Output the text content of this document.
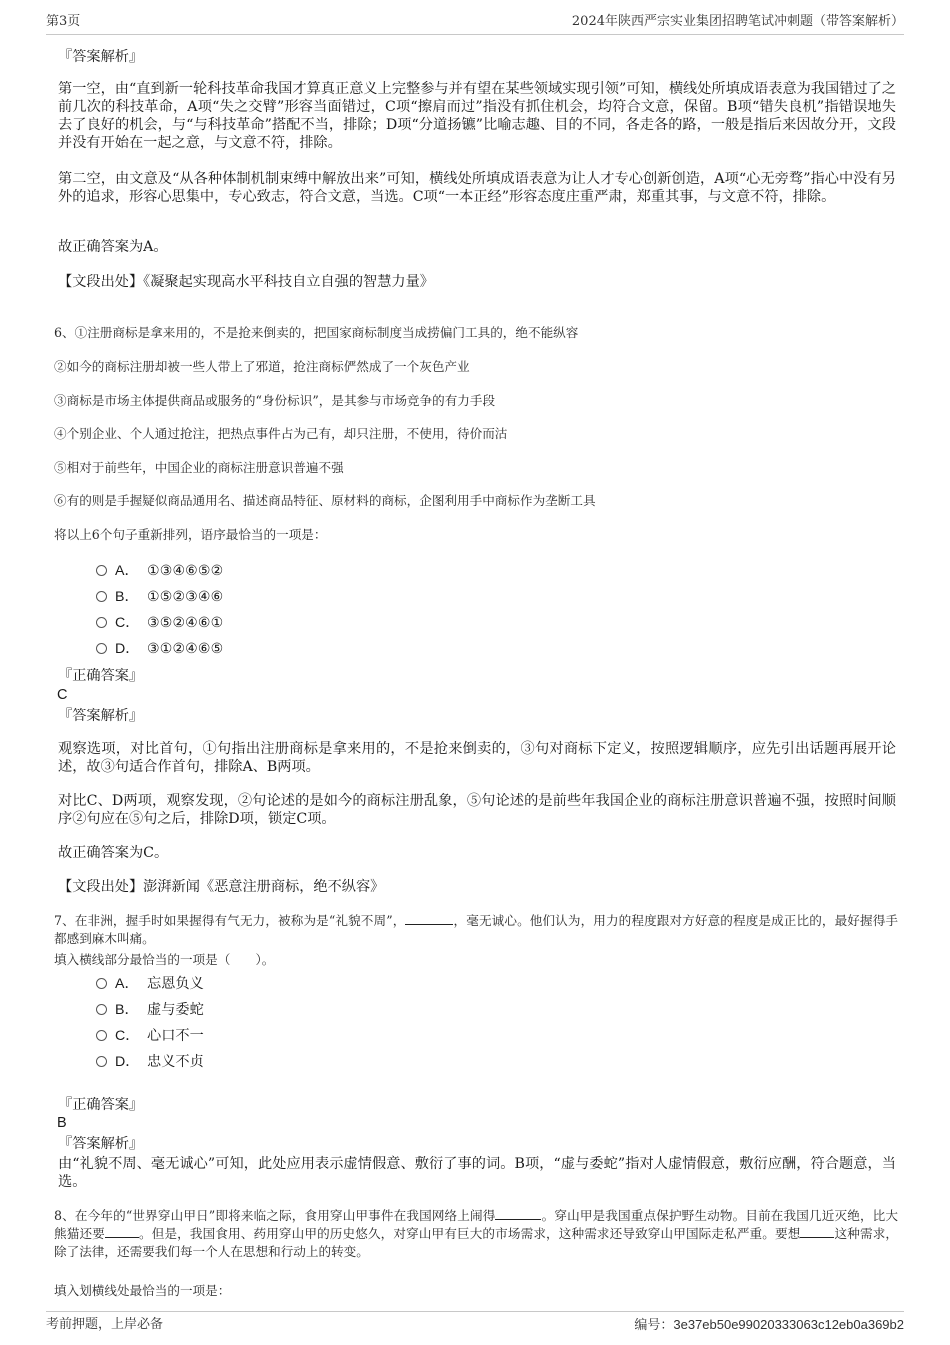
第3页	2024年陕西严宗实业集团招聘笔试冲刺题（带答案解析）

『答案解析』

第一空，由“直到新一轮科技革命我国才算真正意义上完整参与并有望在某些领域实现引领”可知，横线处所填成语表意为我国错过了之前几次的科技革命，A项“失之交臂”形容当面错过，C项“擦肩而过”指没有抓住机会，均符合文意，保留。B项“错失良机”指错误地失去了良好的机会，与“与科技革命”搭配不当，排除；D项“分道扬镳”比喻志趣、目的不同，各走各的路，一般是指后来因故分开，文段并没有开始在一起之意，与文意不符，排除。

第二空，由文意及“从各种体制机制束缚中解放出来”可知，横线处所填成语表意为让人才专心创新创造，A项“心无旁骛”指心中没有另外的追求，形容心思集中，专心致志，符合文意，当选。C项“一本正经”形容态度庄重严肃，郑重其事，与文意不符，排除。

故正确答案为A。

【文段出处】《凝聚起实现高水平科技自立自强的智慧力量》

6、①注册商标是拿来用的，不是抢来倒卖的，把国家商标制度当成捞偏门工具的，绝不能纵容

②如今的商标注册却被一些人带上了邪道，抢注商标俨然成了一个灰色产业

③商标是市场主体提供商品或服务的“身份标识”，是其参与市场竞争的有力手段

④个别企业、个人通过抢注，把热点事件占为己有，却只注册，不使用，待价而沽

⑤相对于前些年，中国企业的商标注册意识普遍不强

⑥有的则是手握疑似商品通用名、描述商品特征、原材料的商标，企图利用手中商标作为垄断工具

将以上6个句子重新排列，语序最恰当的一项是：

A． ①③④⑥⑤②
B． ①⑤②③④⑥
C． ③⑤②④⑥①
D． ③①②④⑥⑤

『正确答案』

C

『答案解析』

观察选项，对比首句，①句指出注册商标是拿来用的，不是抢来倒卖的，③句对商标下定义，按照逻辑顺序，应先引出话题再展开论述，故③句适合作首句，排除A、B两项。

对比C、D两项，观察发现，②句论述的是如今的商标注册乱象，⑤句论述的是前些年我国企业的商标注册意识普遍不强，按照时间顺序②句应在⑤句之后，排除D项，锁定C项。

故正确答案为C。

【文段出处】澎湃新闻《恶意注册商标，绝不纵容》

7、在非洲，握手时如果握得有气无力，被称为是“礼貌不周”，	，毫无诚心。他们认为，用力的程度跟对方好意的程度是成正比的，最好握得手都感到麻木叫痛。

填入横线部分最恰当的一项是（　　）。

A． 忘恩负义
B． 虚与委蛇
C． 心口不一
D． 忠义不贞

『正确答案』

B

『答案解析』

由“礼貌不周、毫无诚心”可知，此处应用表示虚情假意、敷衍了事的词。B项，“虚与委蛇”指对人虚情假意，敷衍应酬，符合题意，当选。

8、在今年的“世界穿山甲日”即将来临之际，食用穿山甲事件在我国网络上闹得	。穿山甲是我国重点保护野生动物。目前在我国几近灭绝，比大熊猫还要	。但是，我国食用、药用穿山甲的历史悠久，对穿山甲有巨大的市场需求，这种需求还导致穿山甲国际走私严重。要想	这种需求，除了法律，还需要我们每一个人在思想和行动上的转变。

填入划横线处最恰当的一项是：

考前押题，上岸必备	编号：3e37eb50e99020333063c12eb0a369b2
